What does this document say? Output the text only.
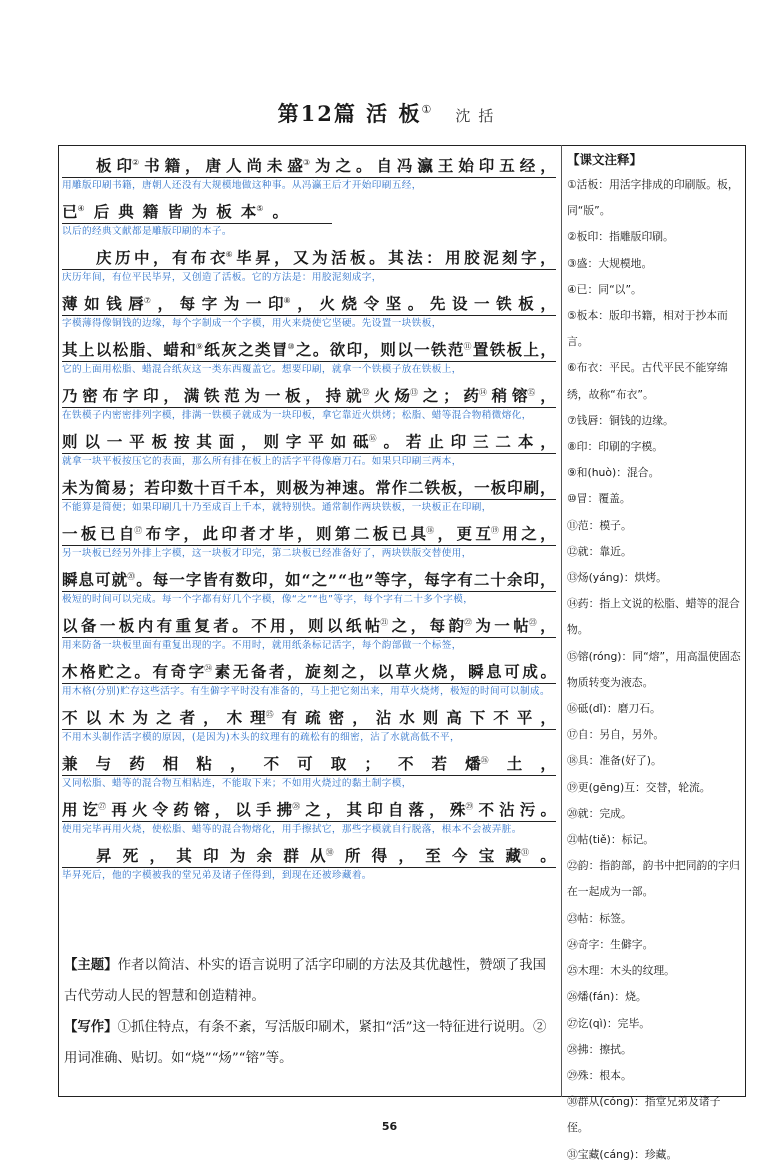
第12篇 活 板① 沈括
板 印② 书 籍 ， 唐 人 尚 未 盛③ 为 之 。 自 冯 瀛 王 始 印 五 经 ，
用雕版印刷书籍，唐朝人还没有大规模地做这种事。从冯瀛王后才开始印刷五经，
已④ 后 典 籍 皆 为 板 本⑤ 。
以后的经典文献都是雕版印刷的本子。
庆 历 中 ， 有 布 衣⑥ 毕 昇 ， 又 为 活 板 。 其 法 ： 用 胶 泥 刻 字 ，
庆历年间，有位平民毕昇，又创造了活板。它的方法是：用胶泥刻成字，
薄 如 钱 唇⑦ ， 每 字 为 一 印⑧ ， 火 烧 令 坚 。 先 设 一 铁 板 ，
字模薄得像铜钱的边缘，每个字制成一个字模，用火来烧使它坚硬。先设置一块铁板，
其 上 以 松 脂 、 蜡 和⑨ 纸 灰 之 类 冒⑩ 之 。 欲 印 ， 则 以 一 铁 范⑪ 置 铁 板 上 ，
它的上面用松脂、蜡混合纸灰这一类东西覆盖它。想要印刷，就拿一个铁模子放在铁板上，
乃 密 布 字 印 ， 满 铁 范 为 一 板 ， 持 就⑫ 火 炀⑬ 之 ； 药⑭ 稍 镕⑮ ，
在铁模子内密密排列字模，排满一铁模子就成为一块印板，拿它靠近火烘烤；松脂、蜡等混合物稍微熔化，
则 以 一 平 板 按 其 面 ， 则 字 平 如 砥⑯ 。 若 止 印 三 二 本 ，
就拿一块平板按压它的表面，那么所有排在板上的活字平得像磨刀石。如果只印刷三两本，
未 为 简 易 ； 若 印 数 十 百 千 本 ， 则 极 为 神 速 。 常 作 二 铁 板 ， 一 板 印 刷 ，
不能算是简便；如果印刷几十乃至成百上千本，就特别快。通常制作两块铁板，一块板正在印刷，
一 板 已 自⑰ 布 字 ， 此 印 者 才 毕 ， 则 第 二 板 已 具⑱ ， 更 互⑲ 用 之 ，
另一块板已经另外排上字模，这一块板才印完，第二块板已经准备好了，两块铁版交替使用，
瞬 息 可 就⑳ 。 每 一 字 皆 有 数 印 ， 如 “ 之 ” “ 也 ” 等 字 ， 每 字 有 二 十 余 印 ，
极短的时间可以完成。每一个字都有好几个字模，像“之”“也”等字，每个字有二十多个字模，
以 备 一 板 内 有 重 复 者 。 不 用 ， 则 以 纸 帖$^㉑$ 之 ， 每 韵$^㉒$ 为 一 帖$^㉓$ ，
用来防备一块板里面有重复出现的字。不用时，就用纸条标记活字，每个韵部做一个标签，
木 格 贮 之 。 有 奇 字$^㉔$ 素 无 备 者 ， 旋 刻 之 ， 以 草 火 烧 ， 瞬 息 可 成 。
用木格(分别)贮存这些活字。有生僻字平时没有准备的，马上把它刻出来，用草火烧烤，极短的时间可以制成。
不 以 木 为 之 者 ， 木 理$^㉕$ 有 疏 密 ， 沾 水 则 高 下 不 平 ，
不用木头制作活字模的原因，(是因为)木头的纹理有的疏松有的细密，沾了水就高低不平，
兼 与 药 相 粘 ， 不 可 取 ； 不 若 燔$^㉖$ 土 ，
又同松脂、蜡等的混合物互相粘连，不能取下来；不如用火烧过的黏土制字模，
用 讫$^㉗$ 再 火 令 药 镕 ， 以 手 拂$^㉘$ 之 ， 其 印 自 落 ， 殊$^㉙$ 不 沾 污 。
使用完毕再用火烧，使松脂、蜡等的混合物熔化，用手擦拭它，那些字模就自行脱落，根本不会被弄脏。
昇 死 ， 其 印 为 余 群 从$^㉚$ 所 得 ， 至 今 宝 藏$^㉛$ 。
毕昇死后，他的字模被我的堂兄弟及诸子侄得到，到现在还被珍藏着。
【主题】作者以简洁、朴实的语言说明了活字印刷的方法及其优越性，赞颂了我国古代劳动人民的智慧和创造精神。
【写作】①抓住特点，有条不紊，写活版印刷术，紧扣“活”这一特征进行说明。②用词准确、贴切。如“烧”“炀”“镕”等。
【课文注释】
①活板：用活字排成的印刷版。板，同“版”。
②板印：指雕版印刷。
③盛：大规模地。
④已：同“以”。
⑤板本：版印书籍，相对于抄本而言。
⑥布衣：平民。古代平民不能穿绵绣，故称“布衣”。
⑦钱唇：铜钱的边缘。
⑧印：印刷的字模。
⑨和(huò)：混合。
⑩冒：覆盖。
⑪范：模子。
⑫就：靠近。
⑬炀(yáng)：烘烤。
⑭药：指上文说的松脂、蜡等的混合物。
⑮镕(róng)：同“熔”，用高温使固态物质转变为液态。
⑯砥(dǐ)：磨刀石。
⑰自：另自，另外。
⑱具：准备(好了)。
⑲更(gēng)互：交替，轮流。
⑳就：完成。
㉑帖(tiě)：标记。
㉒韵：指韵部，韵书中把同韵的字归在一起成为一部。
㉓帖：标签。
㉔奇字：生僻字。
㉕木理：木头的纹理。
㉖燔(fán)：烧。
㉗讫(qì)：完毕。
㉘拂：擦拭。
㉙殊：根本。
㉚群从(cóng)：指堂兄弟及诸子侄。
㉛宝藏(cáng)：珍藏。
56
